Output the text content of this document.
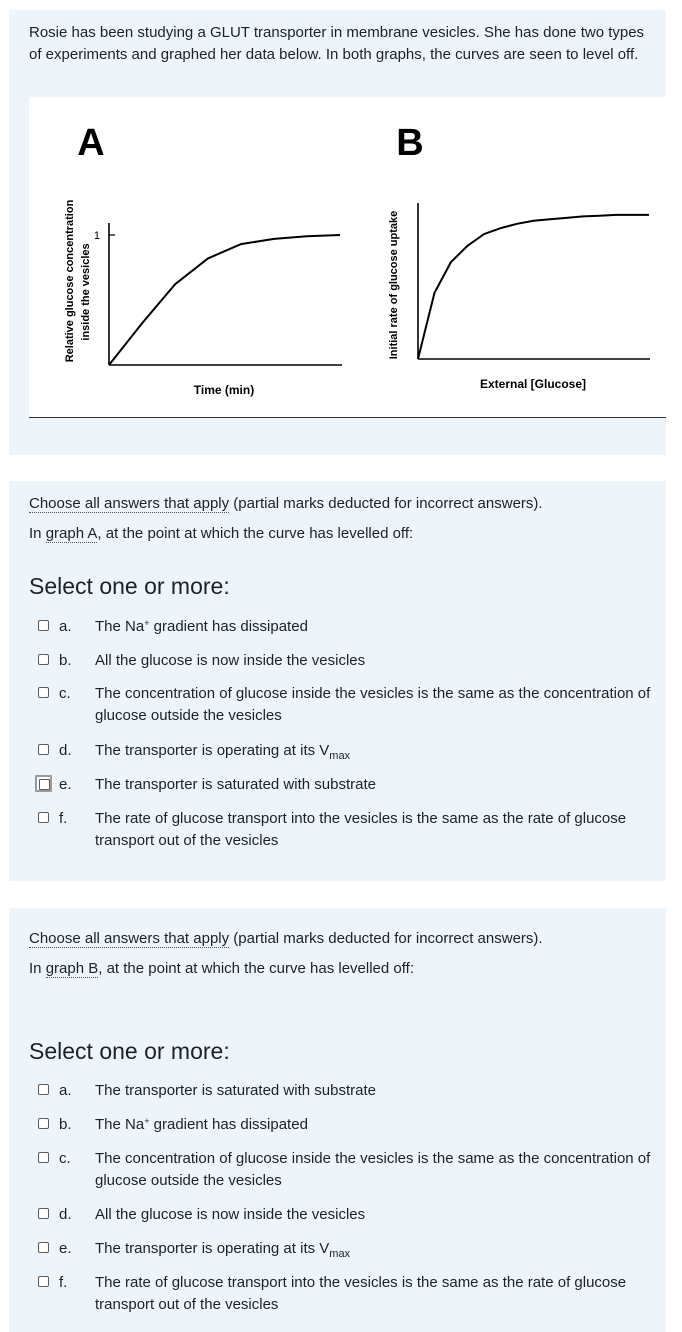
Rosie has been studying a GLUT transporter in membrane vesicles. She has done two types of experiments and graphed her data below. In both graphs, the curves are seen to level off.

A
Relative glucose concentration inside the vesicles
1
Time (min)
B
Initial rate of glucose uptake
External [Glucose]

Choose all answers that apply (partial marks deducted for incorrect answers).

In graph A, at the point at which the curve has levelled off:

Select one or more:
a. The Na+ gradient has dissipated
b. All the glucose is now inside the vesicles
c. The concentration of glucose inside the vesicles is the same as the concentration of glucose outside the vesicles
d. The transporter is operating at its $V_{max}$
e. The transporter is saturated with substrate
f. The rate of glucose transport into the vesicles is the same as the rate of glucose transport out of the vesicles

Choose all answers that apply (partial marks deducted for incorrect answers).

In graph B, at the point at which the curve has levelled off:

Select one or more:
a. The transporter is saturated with substrate
b. The Na+ gradient has dissipated
c. The concentration of glucose inside the vesicles is the same as the concentration of glucose outside the vesicles
d. All the glucose is now inside the vesicles
e. The transporter is operating at its $V_{max}$
f. The rate of glucose transport into the vesicles is the same as the rate of glucose transport out of the vesicles
